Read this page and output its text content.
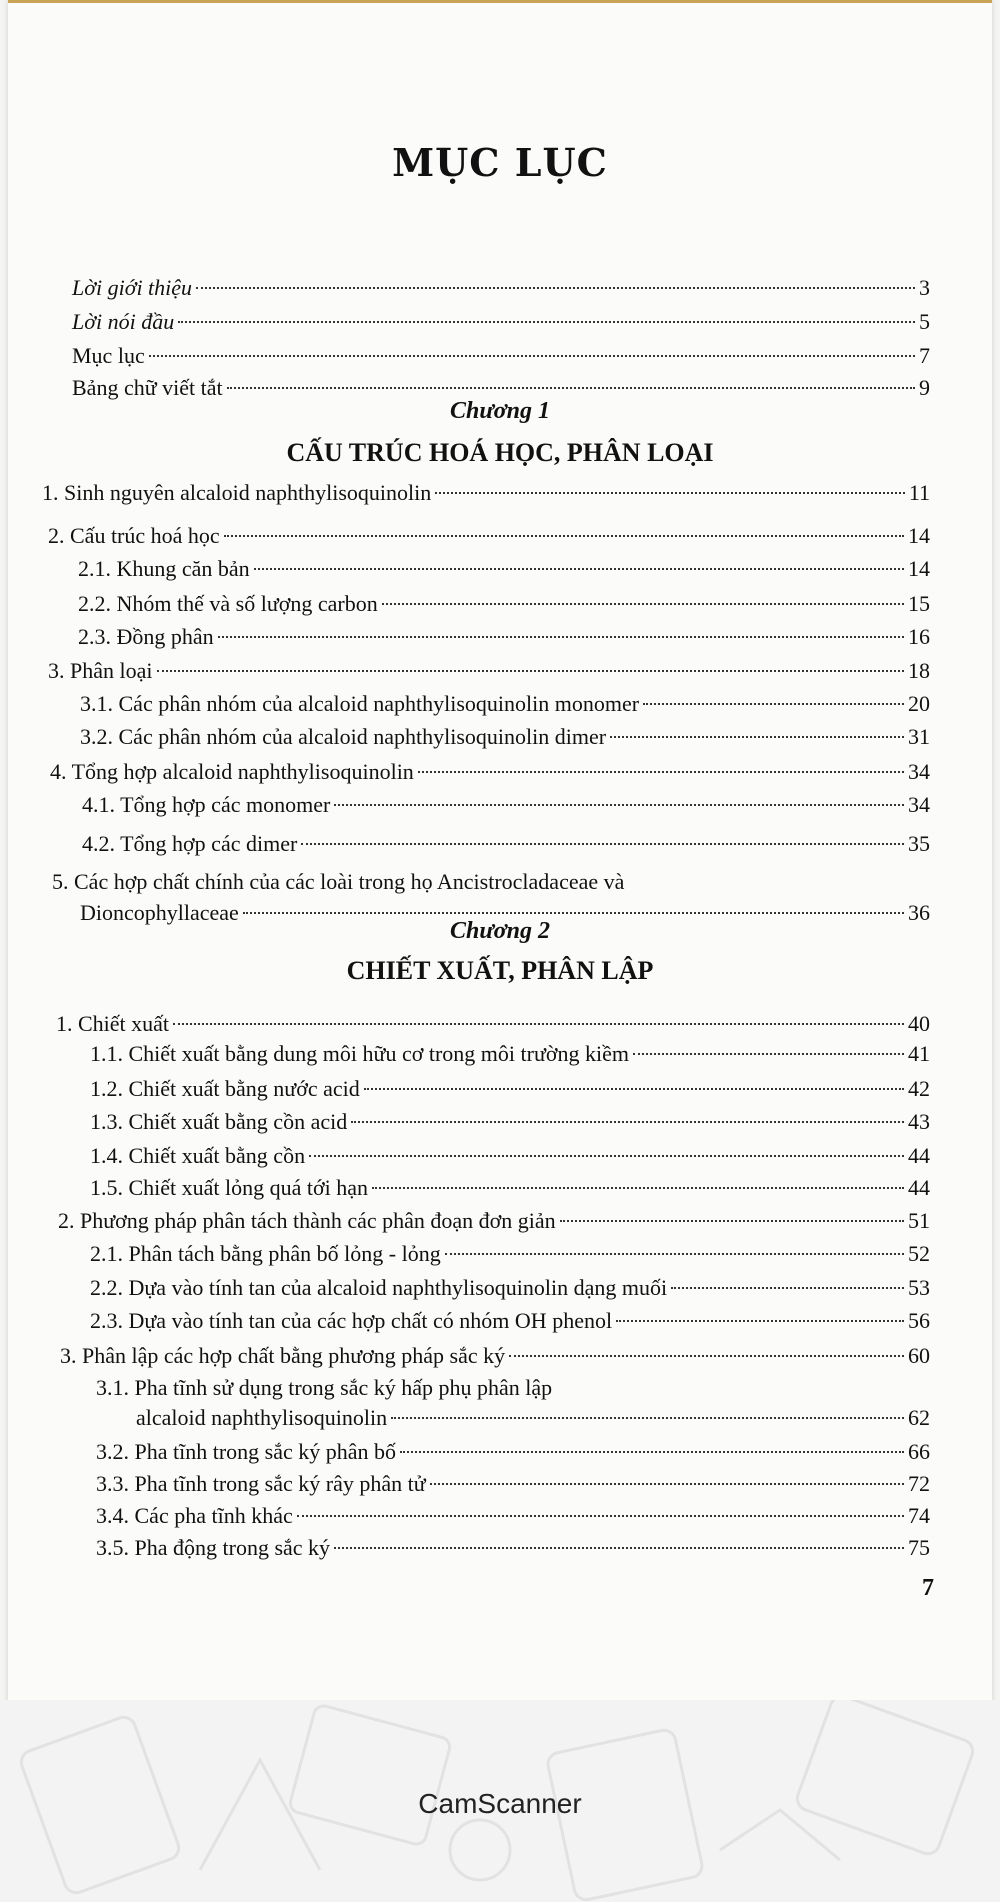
MỤC LỤC
Lời giới thiệu	3
Lời nói đầu	5
Mục lục	7
Bảng chữ viết tắt	9
1. Sinh nguyên alcaloid naphthylisoquinolin	11
2. Cấu trúc hoá học	14
2.1. Khung căn bản	14
2.2. Nhóm thế và số lượng carbon	15
2.3. Đồng phân	16
3. Phân loại	18
3.1. Các phân nhóm của alcaloid naphthylisoquinolin monomer	20
3.2. Các phân nhóm của alcaloid naphthylisoquinolin dimer	31
4. Tổng hợp alcaloid naphthylisoquinolin	34
4.1. Tổng hợp các monomer	34
4.2. Tổng hợp các dimer	35
5. Các hợp chất chính của các loài trong họ Ancistrocladaceae và
Dioncophyllaceae	36
1. Chiết xuất	40
1.1. Chiết xuất bằng dung môi hữu cơ trong môi trường kiềm	41
1.2. Chiết xuất bằng nước acid	42
1.3. Chiết xuất bằng cồn acid	43
1.4. Chiết xuất bằng cồn	44
1.5. Chiết xuất lỏng quá tới hạn	44
2. Phương pháp phân tách thành các phân đoạn đơn giản	51
2.1. Phân tách bằng phân bố lỏng - lỏng	52
2.2. Dựa vào tính tan của alcaloid naphthylisoquinolin dạng muối	53
2.3. Dựa vào tính tan của các hợp chất có nhóm OH phenol	56
3. Phân lập các hợp chất bằng phương pháp sắc ký	60
3.1. Pha tĩnh sử dụng trong sắc ký hấp phụ phân lập
alcaloid naphthylisoquinolin	62
3.2. Pha tĩnh trong sắc ký phân bố	66
3.3. Pha tĩnh trong sắc ký rây phân tử	72
3.4. Các pha tĩnh khác	74
3.5. Pha động trong sắc ký	75
Chương 1
CẤU TRÚC HOÁ HỌC, PHÂN LOẠI
Chương 2
CHIẾT XUẤT, PHÂN LẬP
7
CamScanner
